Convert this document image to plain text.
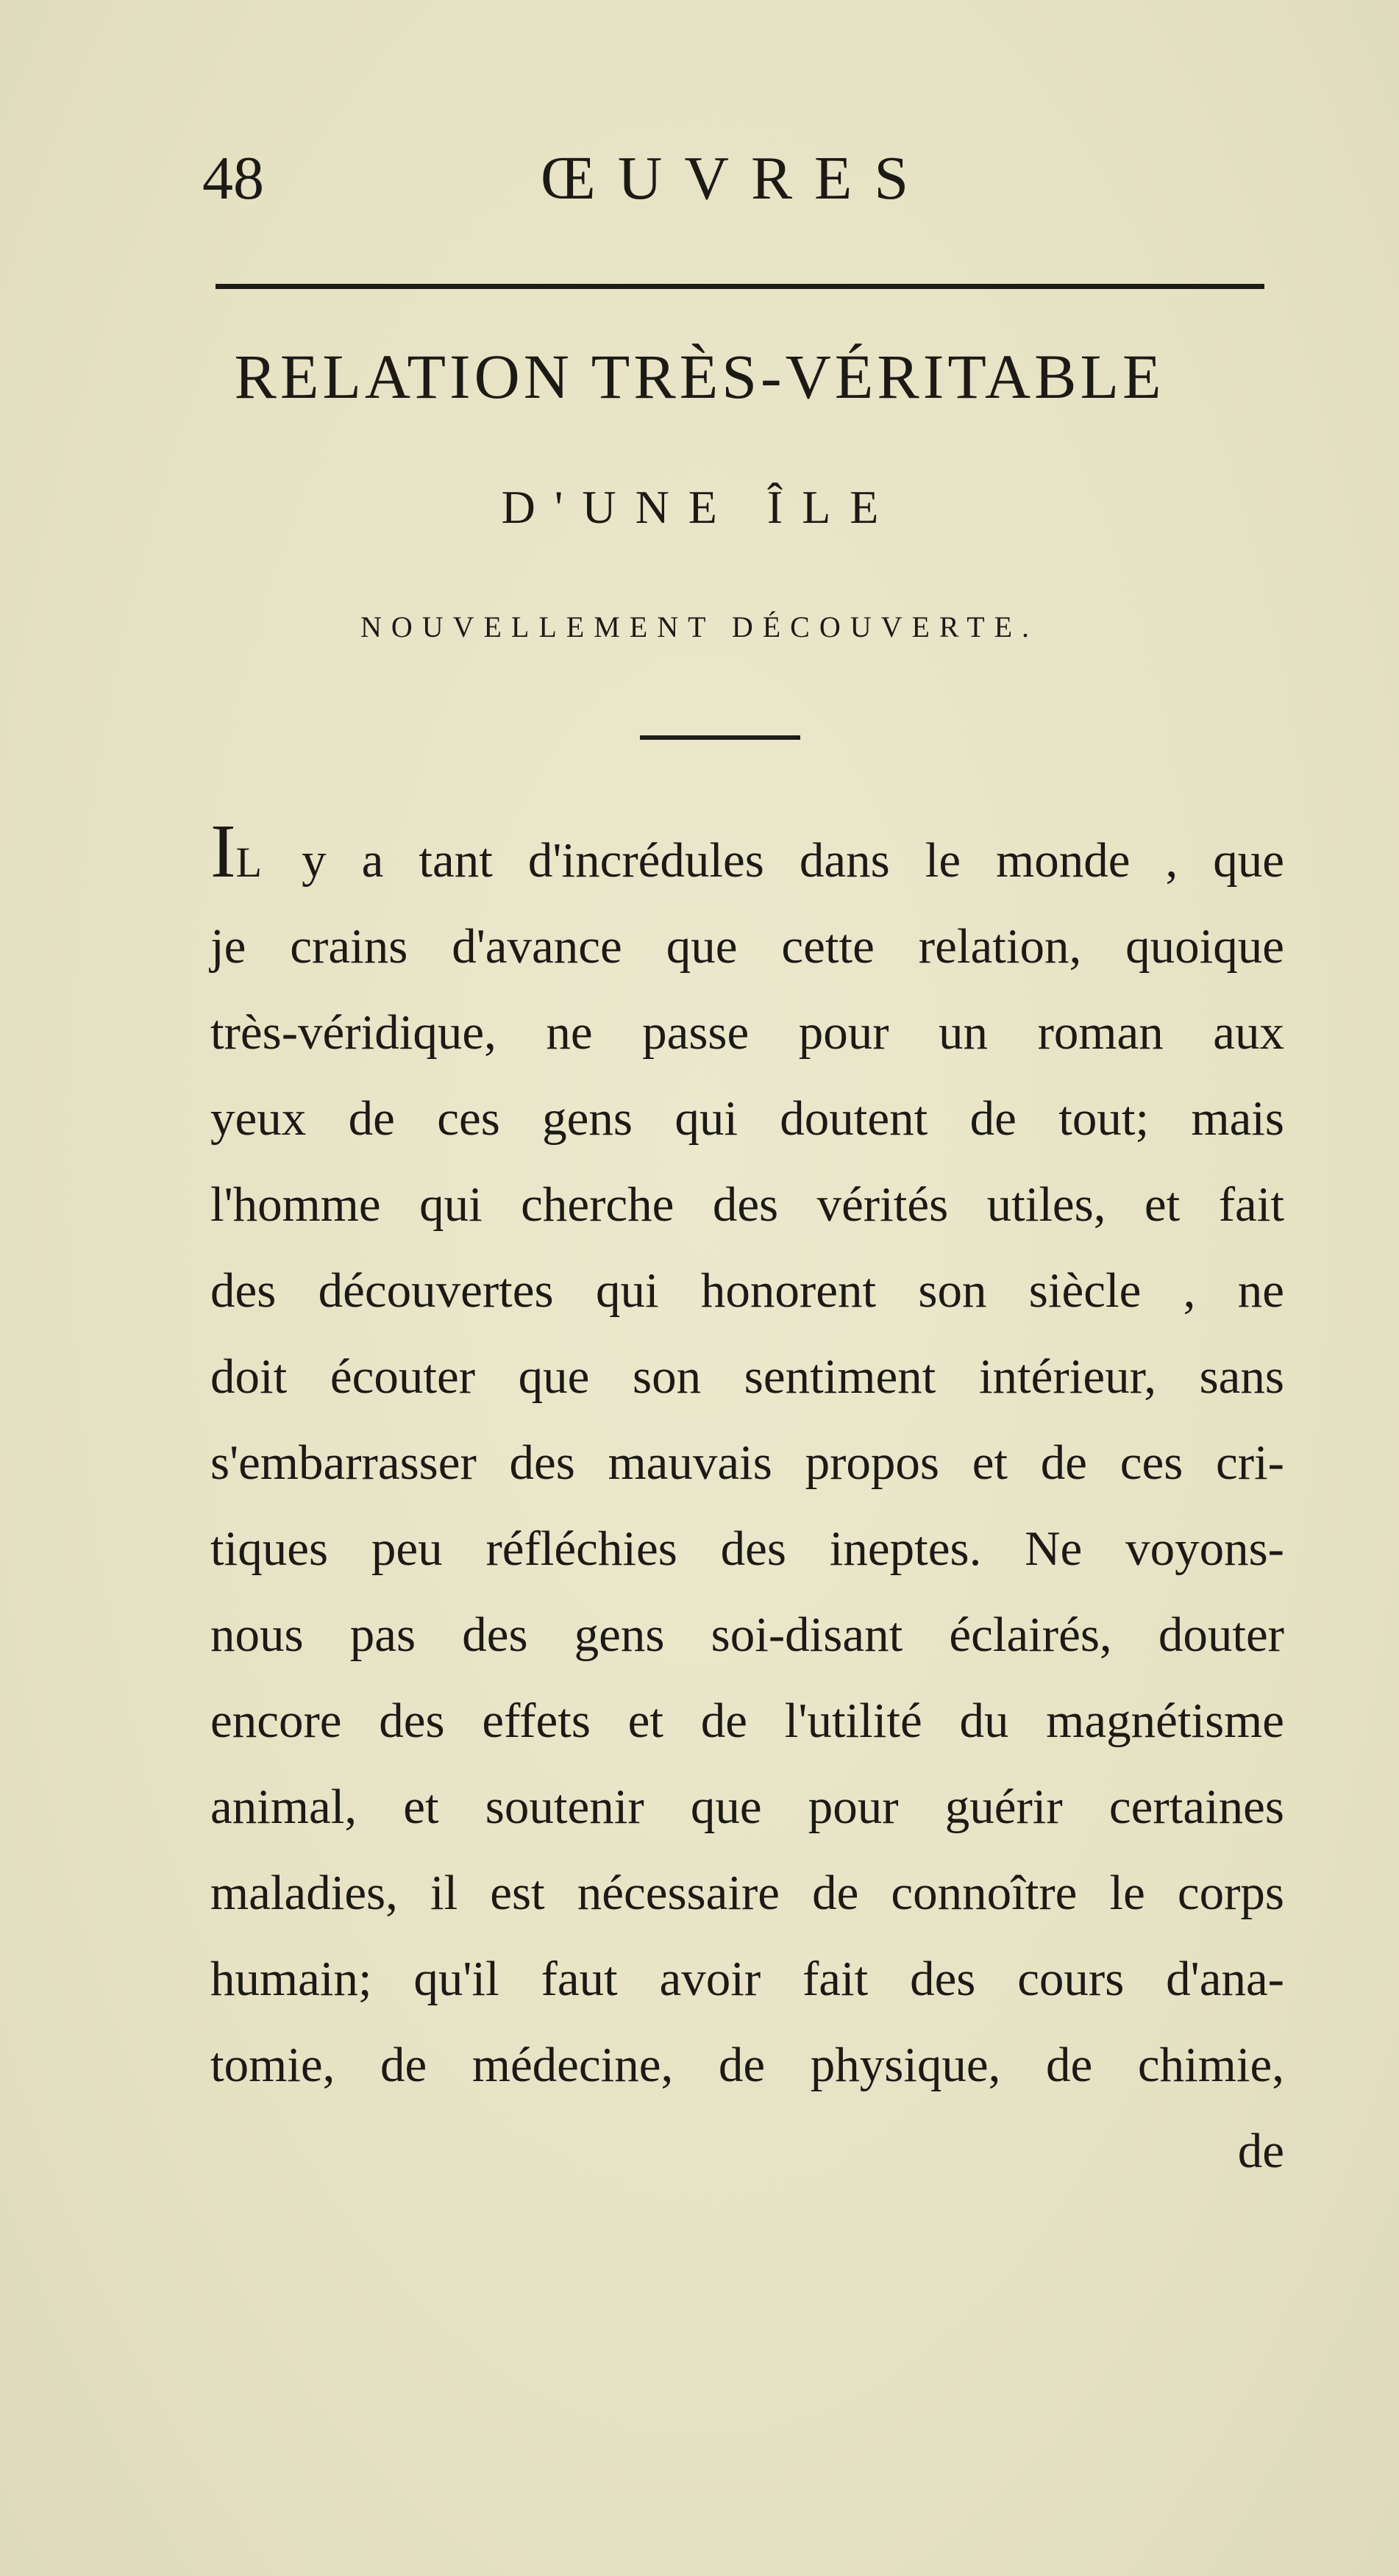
48	ŒUVRES
RELATION TRÈS-VÉRITABLE
D'UNE ÎLE
NOUVELLEMENT DÉCOUVERTE.
IL y a tant d'incrédules dans le monde , que
je crains d'avance que cette relation, quoique
très-véridique, ne passe pour un roman aux
yeux de ces gens qui doutent de tout; mais
l'homme qui cherche des vérités utiles, et fait
des découvertes qui honorent son siècle , ne
doit écouter que son sentiment intérieur, sans
s'embarrasser des mauvais propos et de ces cri-
tiques peu réfléchies des ineptes. Ne voyons-
nous pas des gens soi-disant éclairés, douter
encore des effets et de l'utilité du magnétisme
animal, et soutenir que pour guérir certaines
maladies, il est nécessaire de connoître le corps
humain; qu'il faut avoir fait des cours d'ana-
tomie, de médecine, de physique, de chimie,
de
